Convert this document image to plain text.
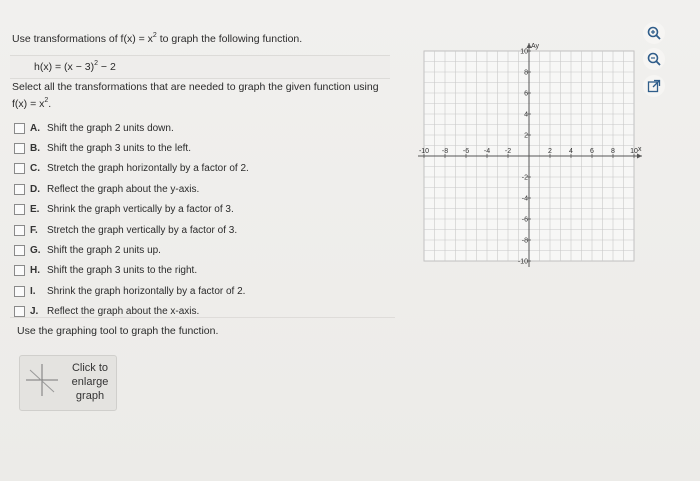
Use transformations of $f(x) = x^2$ to graph the following function.
$h(x) = (x - 3)^2 - 2$
Select all the transformations that are needed to graph the given function using
$f(x) = x^2$.
A. Shift the graph 2 units down.
B. Shift the graph 3 units to the left.
C. Stretch the graph horizontally by a factor of 2.
D. Reflect the graph about the y-axis.
E. Shrink the graph vertically by a factor of 3.
F. Stretch the graph vertically by a factor of 3.
G. Shift the graph 2 units up.
H. Shift the graph 3 units to the right.
I.	Shrink the graph horizontally by a factor of 2.
J. Reflect the graph about the x-axis.
Use the graphing tool to graph the function.
Click to
enlarge
graph
x
Ay
-10 -8 -6 -4 -2	2 4 6 8 10
10
8
6
4
2
-2
-4
-6
-8
-10
